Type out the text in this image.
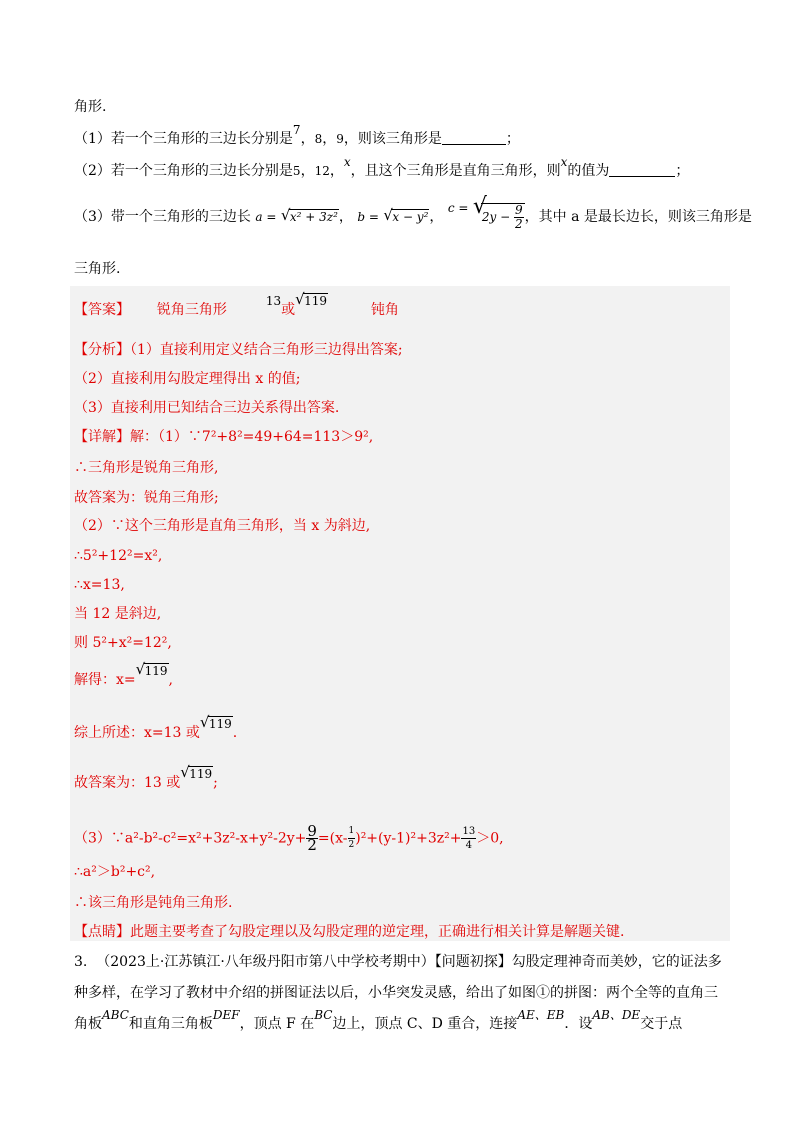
角形.
（1）若一个三角形的三边长分别是7，8，9，则该三角形是	；
（2）若一个三角形的三边长分别是5，12，x，且这个三角形是直角三角形，则x的值为	；
（3）带一个三角形的三边长 a = √ x² + 3z²， b = √ x − y²， c = √
$2y - \frac{9}{2}$ ，其中 a 是最长边长，则该三角形是
三角形.
【答案】 锐角三角形  13或
√ 119  钝角
【分析】（1）直接利用定义结合三角形三边得出答案;
（2）直接利用勾股定理得出 x 的值;
（3）直接利用已知结合三边关系得出答案.
【详解】解：（1）∵7²+8²=49+64=113＞9²,
∴三角形是锐角三角形,
故答案为：锐角三角形;
（2）∵这个三角形是直角三角形，当 x 为斜边,
∴5²+12²=x²,
∴x=13,
当 12 是斜边,
则 5²+x²=12²,
解得：x=
√ 119,
综上所述：x=13 或
√ 119.
故答案为：13 或
√ 119;
（3）∵a²-b²-c²=x²+3z²-x+y²-2y+ $\frac{9}{2} =(x- \frac{1}{2} )^2+(y-1)^2+3z^2+ \frac{13}{4} >0$,
∴a²＞b²+c²,
∴该三角形是钝角三角形.
【点睛】此题主要考查了勾股定理以及勾股定理的逆定理，正确进行相关计算是解题关键.
3. （2023上·江苏镇江·八年级丹阳市第八中学校考期中）【问题初探】勾股定理神奇而美妙，它的证法多
种多样，在学习了教材中介绍的拼图证法以后，小华突发灵感，给出了如图①的拼图：两个全等的直角三
角板ABC和直角三角板DEF，顶点 F 在BC边上，顶点 C、D 重合，连接AE、EB．设AB、DE交于点
